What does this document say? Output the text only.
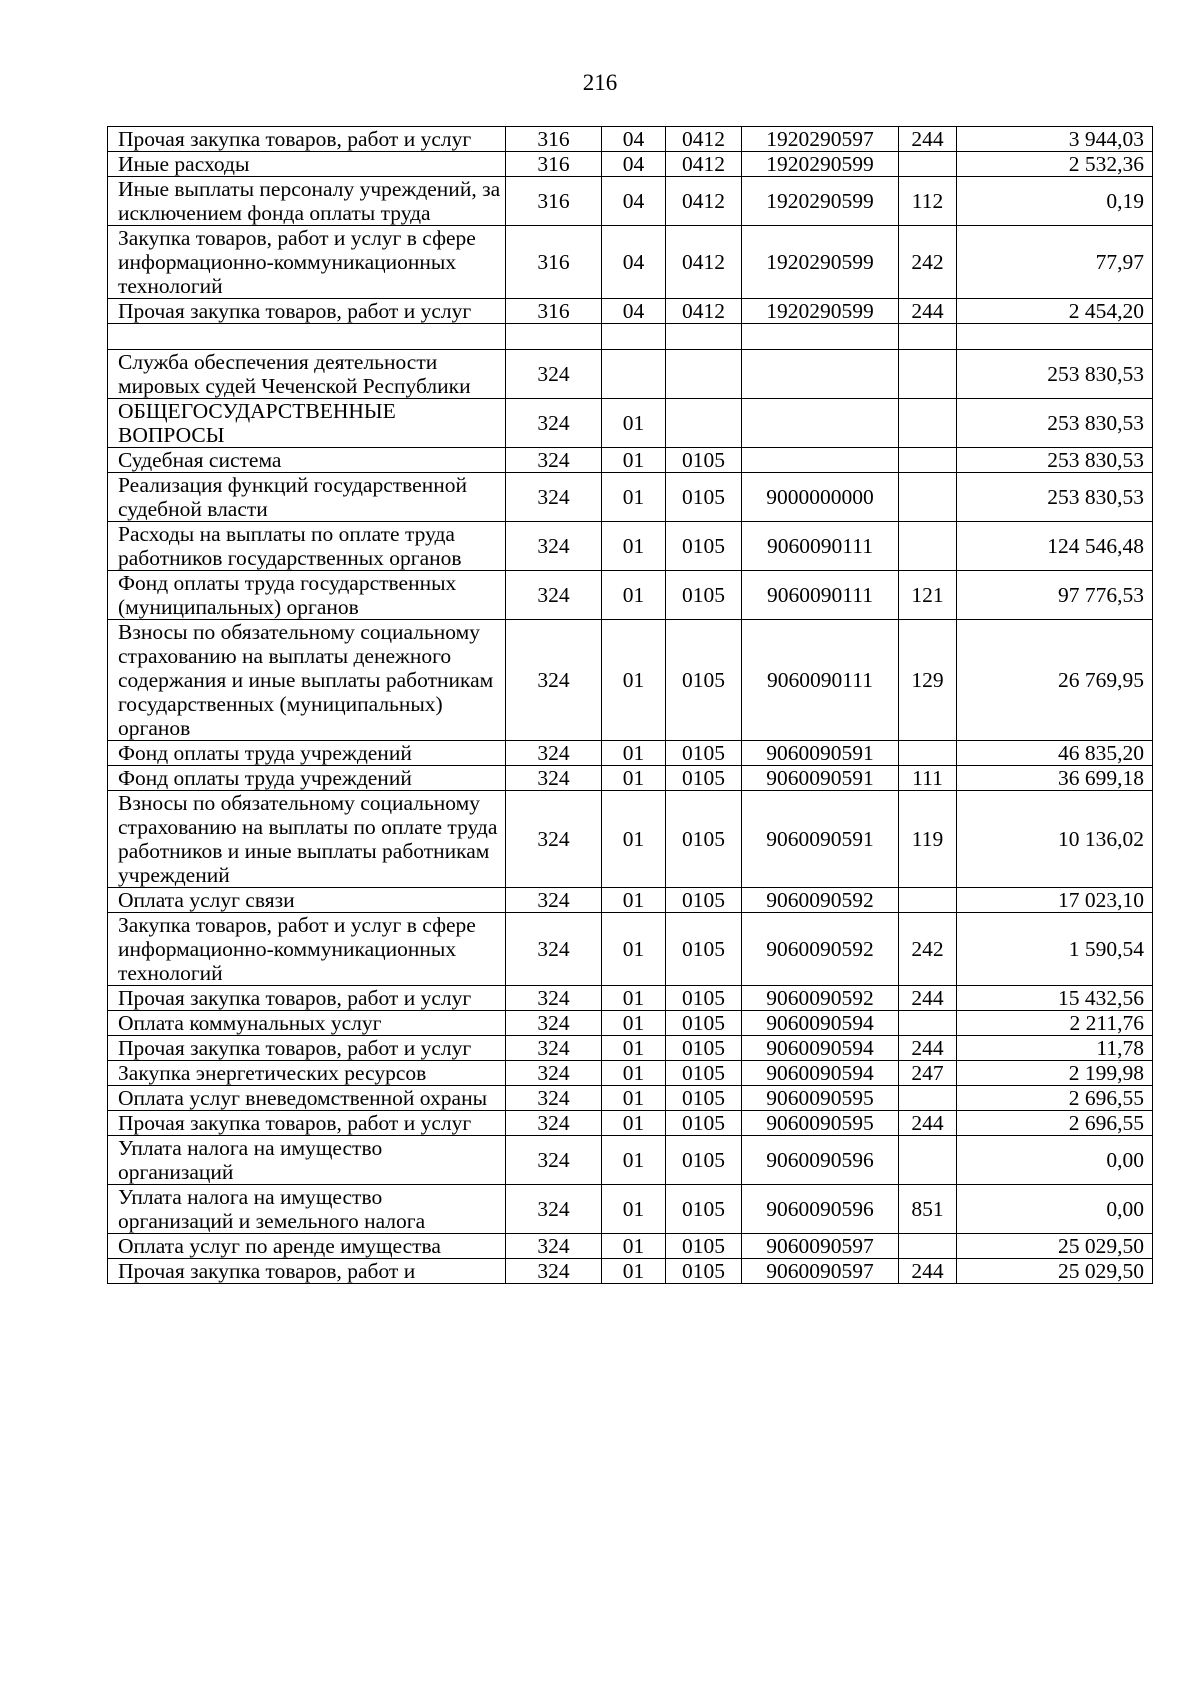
216
Прочая закупка товаров, работ и услуг	316	04	0412	1920290597	244	3 944,03
Иные расходы	316	04	0412	1920290599		2 532,36
Иные выплаты персоналу учреждений, за исключением фонда оплаты труда	316	04	0412	1920290599	112	0,19
Закупка товаров, работ и услуг в сфере информационно-коммуникационных технологий	316	04	0412	1920290599	242	77,97
Прочая закупка товаров, работ и услуг	316	04	0412	1920290599	244	2 454,20

Служба обеспечения деятельности мировых судей Чеченской Республики	324					253 830,53
ОБЩЕГОСУДАРСТВЕННЫЕ ВОПРОСЫ	324	01				253 830,53
Судебная система	324	01	0105			253 830,53
Реализация функций государственной судебной власти	324	01	0105	9000000000		253 830,53
Расходы на выплаты по оплате труда работников государственных органов	324	01	0105	9060090111		124 546,48
Фонд оплаты труда государственных (муниципальных) органов	324	01	0105	9060090111	121	97 776,53
Взносы по обязательному социальному страхованию на выплаты денежного содержания и иные выплаты работникам государственных (муниципальных) органов	324	01	0105	9060090111	129	26 769,95
Фонд оплаты труда учреждений	324	01	0105	9060090591		46 835,20
Фонд оплаты труда учреждений	324	01	0105	9060090591	111	36 699,18
Взносы по обязательному социальному страхованию на выплаты по оплате труда работников и иные выплаты работникам учреждений	324	01	0105	9060090591	119	10 136,02
Оплата услуг связи	324	01	0105	9060090592		17 023,10
Закупка товаров, работ и услуг в сфере информационно-коммуникационных технологий	324	01	0105	9060090592	242	1 590,54
Прочая закупка товаров, работ и услуг	324	01	0105	9060090592	244	15 432,56
Оплата коммунальных услуг	324	01	0105	9060090594		2 211,76
Прочая закупка товаров, работ и услуг	324	01	0105	9060090594	244	11,78
Закупка энергетических ресурсов	324	01	0105	9060090594	247	2 199,98
Оплата услуг вневедомственной охраны	324	01	0105	9060090595		2 696,55
Прочая закупка товаров, работ и услуг	324	01	0105	9060090595	244	2 696,55
Уплата налога на имущество организаций	324	01	0105	9060090596		0,00
Уплата налога на имущество организаций и земельного налога	324	01	0105	9060090596	851	0,00
Оплата услуг по аренде имущества	324	01	0105	9060090597		25 029,50
Прочая закупка товаров, работ и	324	01	0105	9060090597	244	25 029,50
